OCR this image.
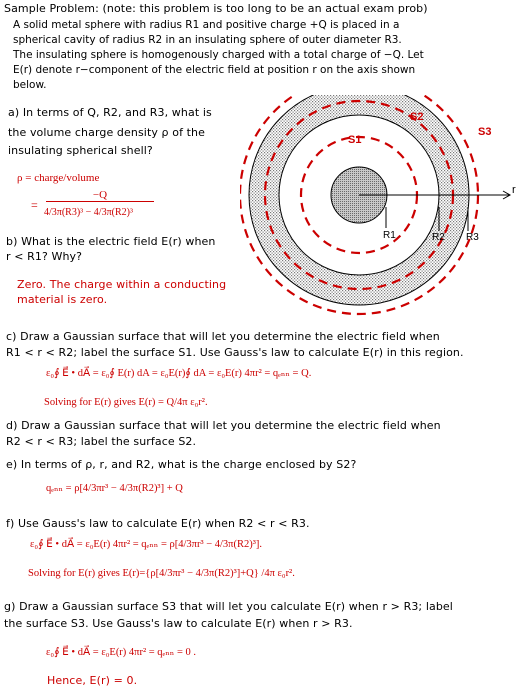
Sample Problem: (note: this problem is too long to be an actual exam prob)
A solid metal sphere with radius R1 and positive charge +Q is placed in a
spherical cavity of radius R2 in an insulating sphere of outer diameter R3.
The insulating sphere is homogenously charged with a total charge of −Q. Let
E(r) denote r−component of the electric field at position r on the axis shown
below.
S1
S2
S3
r
R1	R2 R3
a) In terms of Q, R2, and R3, what is
the volume charge density ρ of the
insulating spherical shell?
ρ = charge/volume
=
−Q
4/3π(R3)³ − 4/3π(R2)³
b) What is the electric field E(r) when
r < R1? Why?
Zero. The charge within a conducting
material is zero.
c) Draw a Gaussian surface that will let you determine the electric field when
R1 < r < R2; label the surface S1. Use Gauss's law to calculate E(r) in this region.
ε₀∮ E⃗ • dA⃗ = ε₀∮ E(r) dA = ε₀E(r)∮ dA = ε₀E(r) 4πr² = qₑₙₙ = Q.
Solving for E(r) gives E(r) = Q/4π ε₀r².
d) Draw a Gaussian surface that will let you determine the electric field when
R2 < r < R3; label the surface S2.
e) In terms of ρ, r, and R2, what is the charge enclosed by S2?
qₑₙₙ = ρ[4/3πr³ − 4/3π(R2)³] + Q
f) Use Gauss's law to calculate E(r) when R2 < r < R3.
ε₀∮ E⃗ • dA⃗ = ε₀E(r) 4πr² = qₑₙₙ = ρ[4/3πr³ − 4/3π(R2)³].
Solving for E(r) gives E(r)={ρ[4/3πr³ − 4/3π(R2)³]+Q} /4π ε₀r².
g) Draw a Gaussian surface S3 that will let you calculate E(r) when r > R3; label
the surface S3. Use Gauss's law to calculate E(r) when r > R3.
ε₀∮ E⃗ • dA⃗ = ε₀E(r) 4πr² = qₑₙₙ = 0 .
Hence, E(r) = 0.
